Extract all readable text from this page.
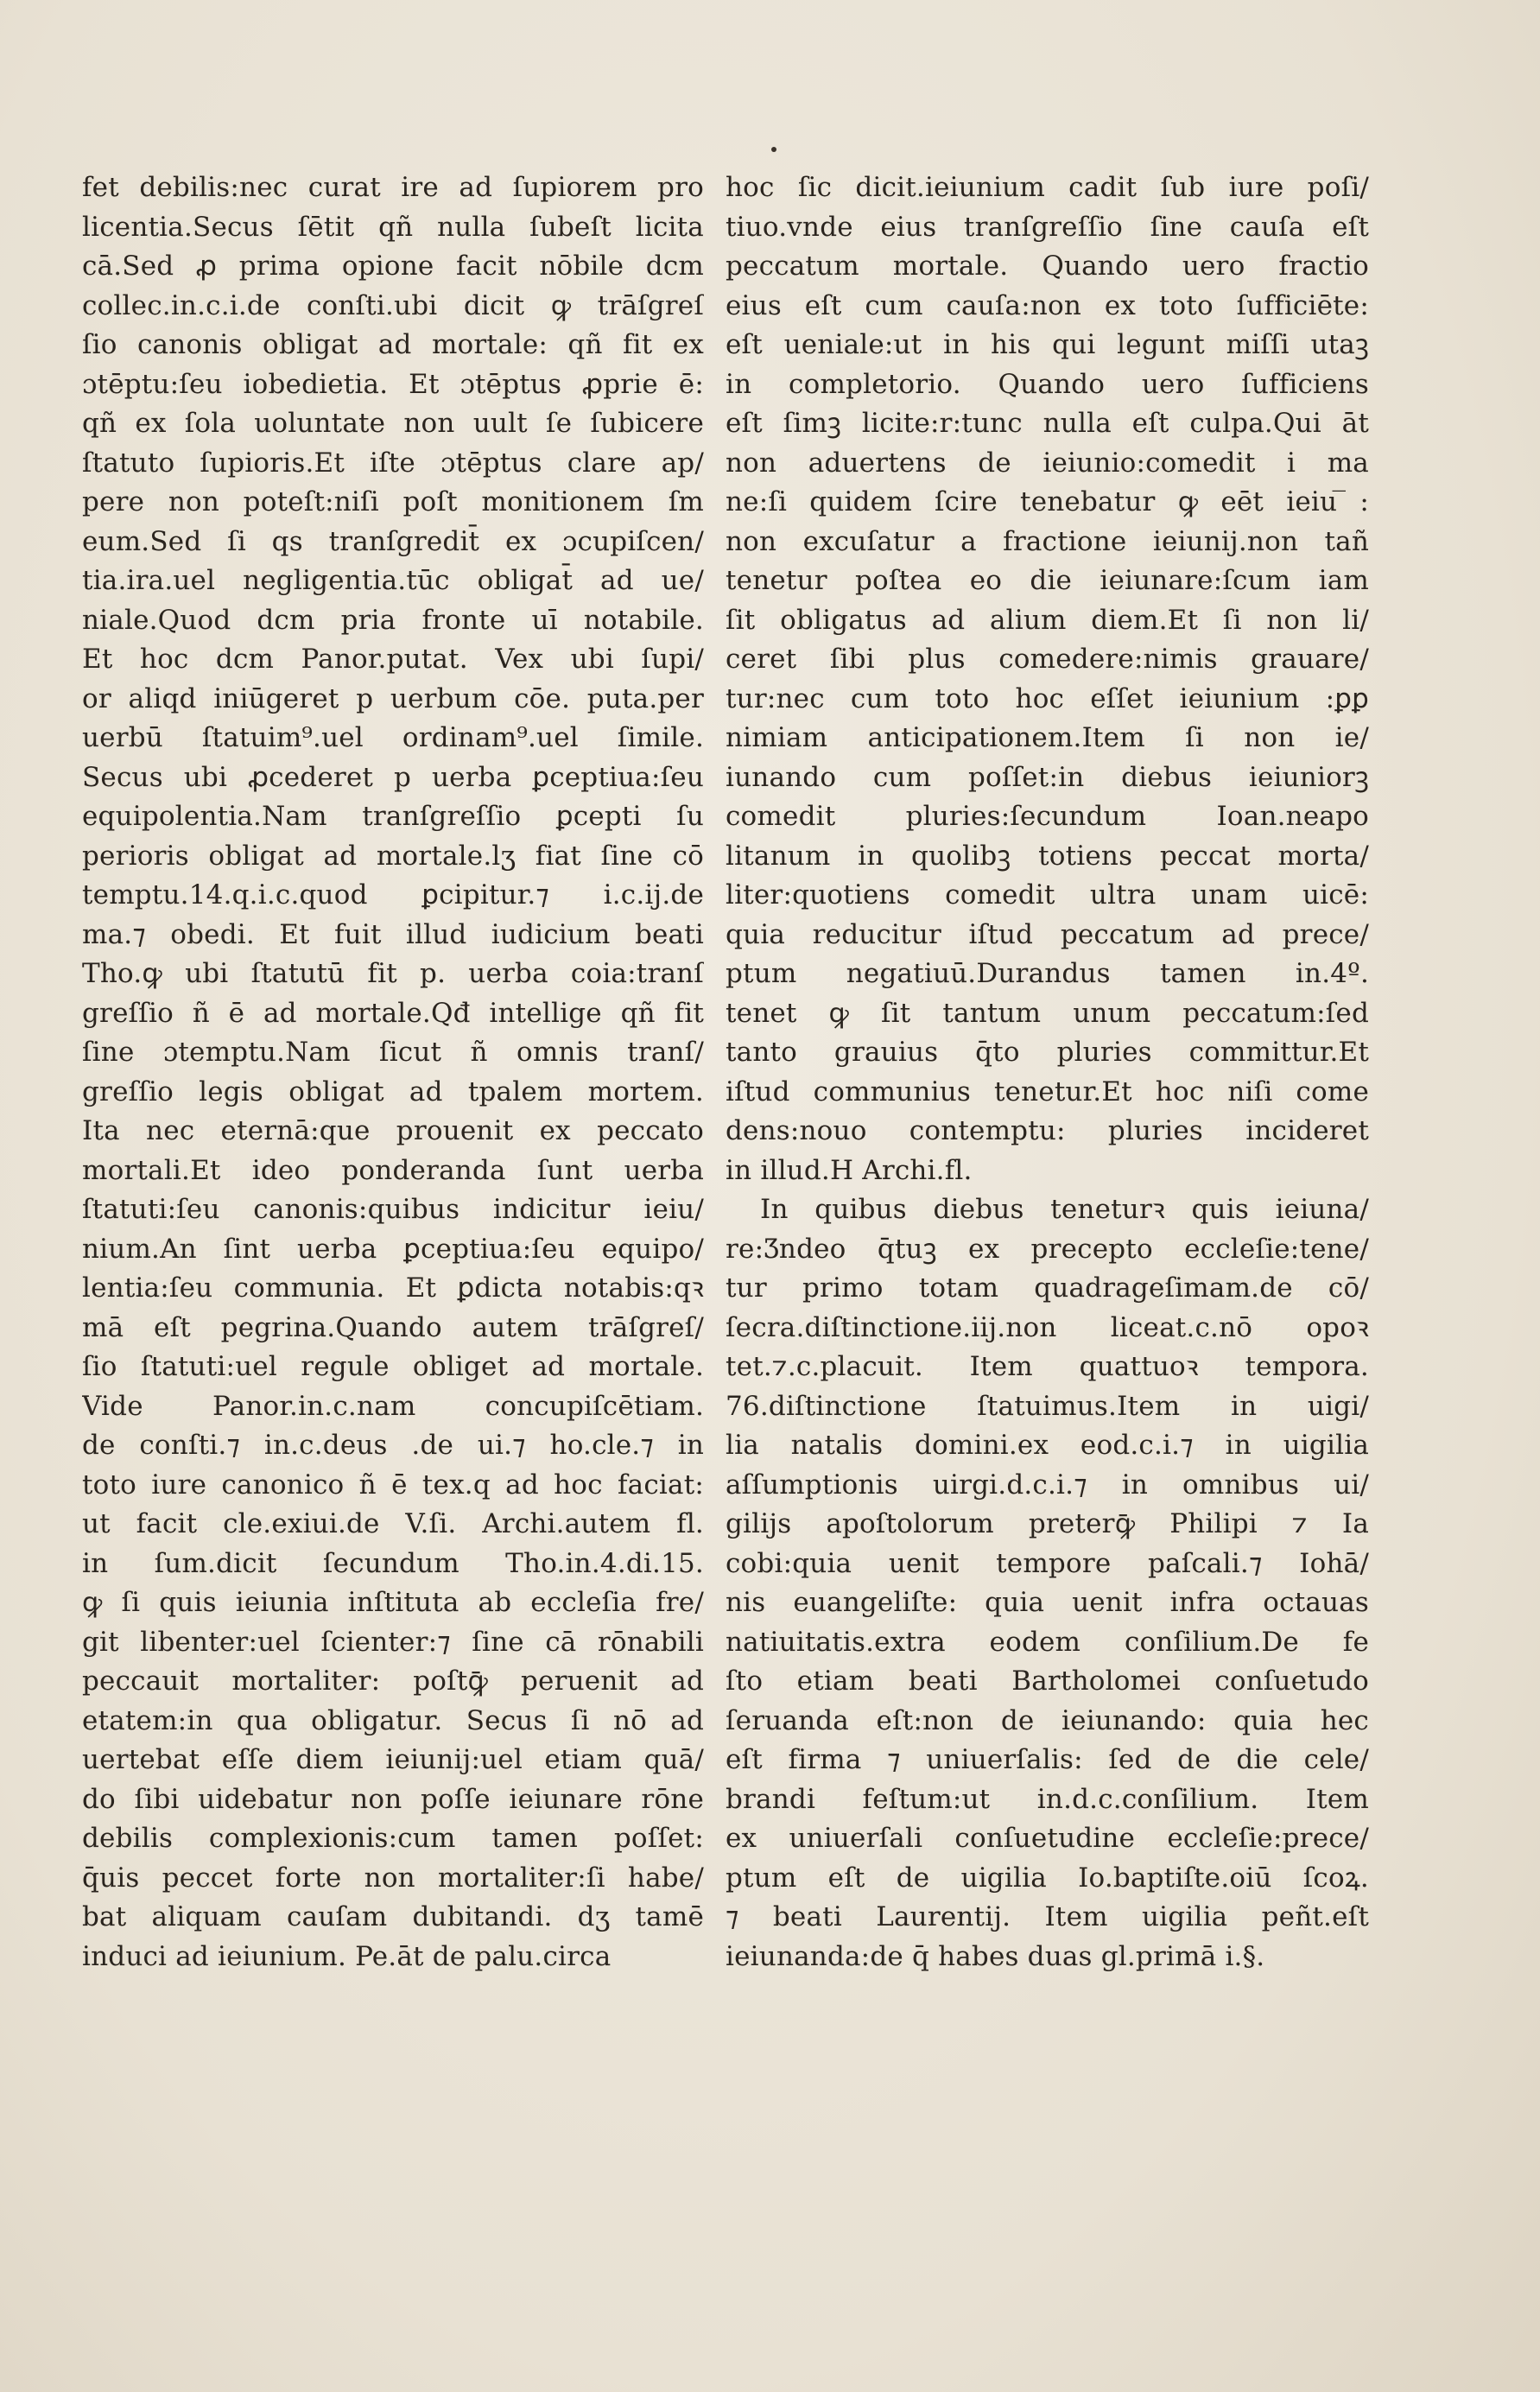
fet debilis:nec curat ire ad ſupiorem pro
licentia.Secus ſētit qñ nulla ſubeſt licita
cā.Sed ꝓ prima opione facit nōbile dcm
collec.in.c.i.de conſti.ubi dicit ꝙ trāſgreſ
ſio canonis obligat ad mortale: qñ fit ex
ɔtēptu:ſeu iobedietia. Et ɔtēptus ꝓprie ē:
qñ ex ſola uoluntate non uult ſe ſubicere
ſtatuto ſupioris.Et iſte ɔtēptus clare ap/
pere non poteſt:niſi poſt monitionem ſm
eum.Sed ſi qs tranſgredit̄ ex ɔcupiſcen/
tia.ira.uel negligentia.tūc obligat̄ ad ue/
niale.Quod dcm pria fronte uī notabile.
Et hoc dcm Panor.putat. Vex ubi ſupi/
or aliqd iniūgeret p uerbum cōe. puta.per
uerbū ſtatuim⁹.uel ordinam⁹.uel ſimile.
Secus ubi ꝓcederet p uerba ꝑceptiua:ſeu
equipolentia.Nam tranſgreſſio ꝑcepti ſu
perioris obligat ad mortale.lʒ fiat ſine cō
temptu.14.q.i.c.quod ꝑcipitur.⁊ i.c.ij.de
ma.⁊ obedi. Et fuit illud iudicium beati
Tho.ꝙ ubi ſtatutū fit p. uerba coia:tranſ
greſſio ñ ē ad mortale.Qđ intellige qñ fit
ſine ɔtemptu.Nam ſicut ñ omnis tranſ/
greſſio legis obligat ad tpalem mortem.
Ita nec eternā:que prouenit ex peccato
mortali.Et ideo ponderanda ſunt uerba
ſtatuti:ſeu canonis:quibus indicitur ieiu/
nium.An ſint uerba ꝑceptiua:ſeu equipo/
lentia:ſeu communia. Et ꝑdicta notabis:qꝛ
mā eſt pegrina.Quando autem trāſgreſ/
ſio ſtatuti:uel regule obliget ad mortale.
Vide Panor.in.c.nam concupiſcētiam.
de conſti.⁊ in.c.deus .de ui.⁊ ho.cle.⁊ in
toto iure canonico ñ ē tex.q ad hoc faciat:
ut facit cle.exiui.de V.ſi. Archi.autem fl.
in ſum.dicit ſecundum Tho.in.4.di.15.
ꝙ ſi quis ieiunia inſtituta ab eccleſia fre/
git libenter:uel ſcienter:⁊ ſine cā rōnabili
peccauit mortaliter: poſtꝙ̄ peruenit ad
etatem:in qua obligatur. Secus ſi nō ad
uertebat eſſe diem ieiunij:uel etiam quā/
do ſibi uidebatur non poſſe ieiunare rōne
debilis complexionis:cum tamen poſſet:
q̄uis peccet forte non mortaliter:ſi habe/
bat aliquam cauſam dubitandi. dʒ tamē
induci ad ieiunium. Pe.āt de palu.circa
hoc ſic dicit.ieiunium cadit ſub iure poſi/
tiuo.vnde eius tranſgreſſio ſine cauſa eſt
peccatum mortale. Quando uero fractio
eius eſt cum cauſa:non ex toto ſufficiēte:
eſt ueniale:ut in his qui legunt miſſi utaꝫ
in completorio. Quando uero ſufficiens
eſt ſimꝫ licite:r:tunc nulla eſt culpa.Qui āt
non aduertens de ieiunio:comedit i ma
ne:ſi quidem ſcire tenebatur ꝙ eēt ieiu ̅:
non excuſatur a fractione ieiunij.non tañ
tenetur poſtea eo die ieiunare:ſcum iam
ſit obligatus ad alium diem.Et ſi non li/
ceret ſibi plus comedere:nimis grauare/
tur:nec cum toto hoc eſſet ieiunium :ꝑꝑ
nimiam anticipationem.Item ſi non ie/
iunando cum poſſet:in diebus ieiuniorꝫ
comedit pluries:ſecundum Ioan.neapo
litanum in quolibꝫ totiens peccat morta/
liter:quotiens comedit ultra unam uicē:
quia reducitur iſtud peccatum ad prece/
ptum negatiuū.Durandus tamen in.4º.
tenet ꝙ ſit tantum unum peccatum:ſed
tanto grauius q̄to pluries committur.Et
iſtud communius tenetur.Et hoc niſi come
dens:nouo contemptu: pluries incideret
in illud.H Archi.fl.
In quibus diebus teneturꝛ quis ieiuna/
re:Ʒndeo q̄tuꝫ ex precepto eccleſie:tene/
tur primo totam quadrageſimam.de cō/
ſecra.diſtinctione.iij.non liceat.c.nō opoꝛ
tet.⁊.c.placuit. Item quattuoꝛ tempora.
76.diſtinctione ſtatuimus.Item in uigi/
lia natalis domini.ex eod.c.i.⁊ in uigilia
aſſumptionis uirgi.d.c.i.⁊ in omnibus ui/
gilijs apoſtolorum preterꝙ̄ Philipi ⁊ Ia
cobi:quia uenit tempore paſcali.⁊ Iohā/
nis euangeliſte: quia uenit infra octauas
natiuitatis.extra eodem conſilium.De fe
ſto etiam beati Bartholomei conſuetudo
ſeruanda eſt:non de ieiunando: quia hec
eſt firma ⁊ uniuerſalis: ſed de die cele/
brandi feſtum:ut in.d.c.conſilium. Item
ex uniuerſali conſuetudine eccleſie:prece/
ptum eſt de uigilia Io.baptiſte.oiū ſcoꝝ.
⁊ beati Laurentij. Item uigilia peñt.eſt
ieiunanda:de q̄ habes duas gl.primā i.§.
